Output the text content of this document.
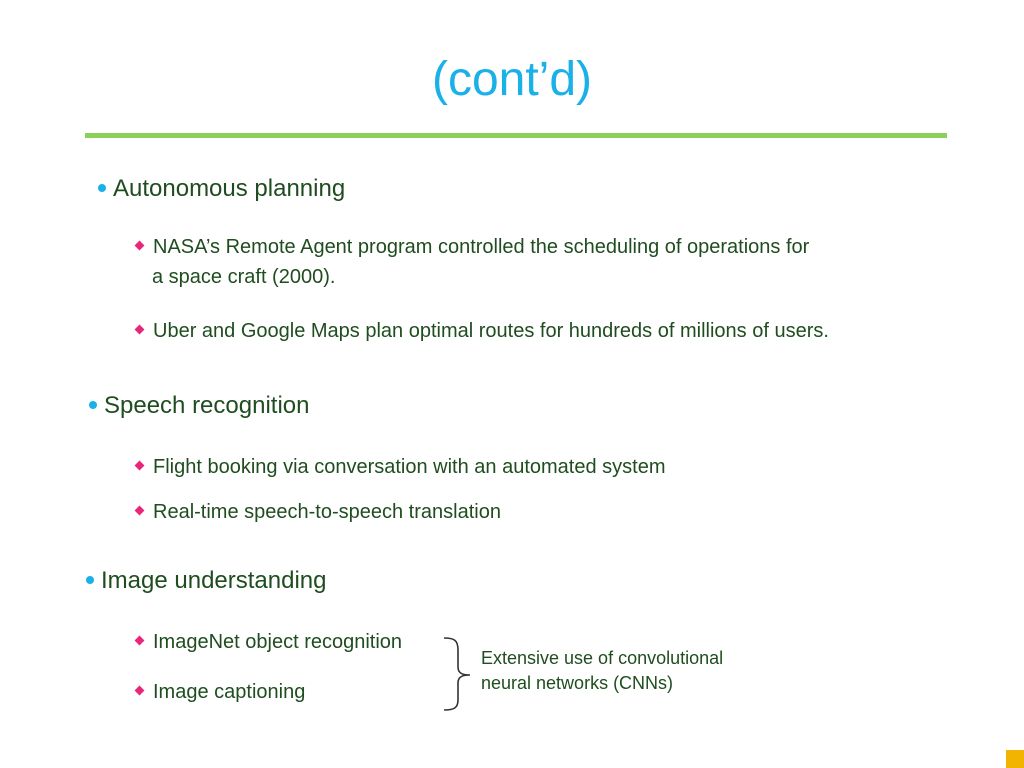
(cont’d)
Autonomous planning
NASA’s Remote Agent program controlled the scheduling of operations for
a space craft (2000).
Uber and Google Maps plan optimal routes for hundreds of millions of users.
Speech recognition
Flight booking via conversation with an automated system
Real-time speech-to-speech translation
Image understanding
ImageNet object recognition
Image captioning
Extensive use of convolutional
neural networks (CNNs)
